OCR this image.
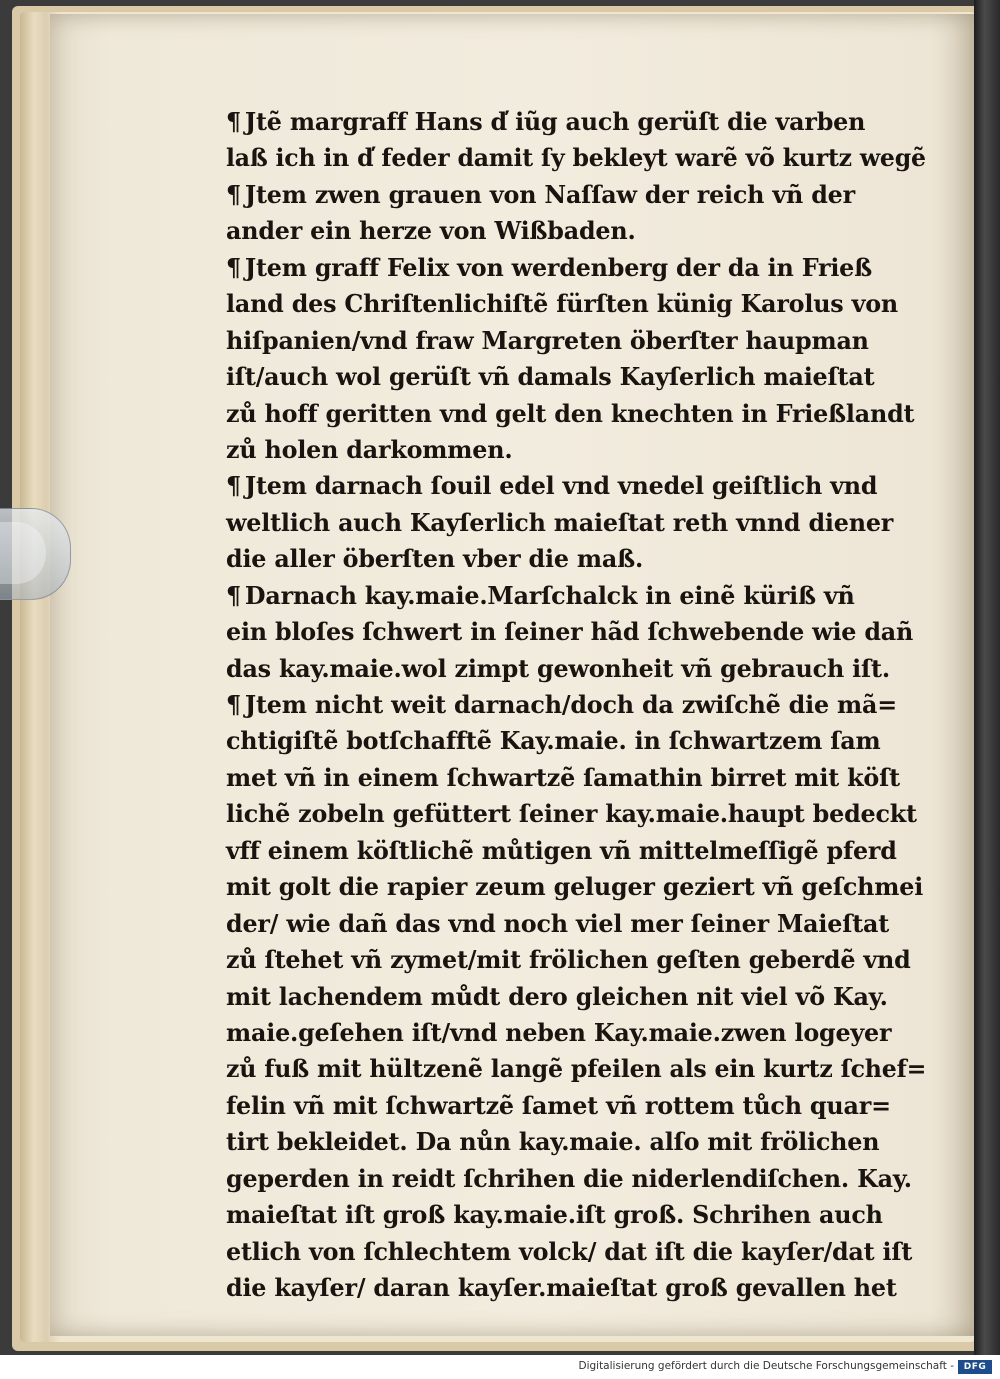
¶ Jtẽ margraff Hans d̕ iũg auch gerüſt die varben
laß ich in d̕ feder damit ſy bekleyt warẽ võ kurtz wegẽ
¶ Jtem zwen grauen von Naſſaw der reich vñ der
ander ein herze von Wißbaden.
¶ Jtem graff Felix von werdenberg der da in Frieß
land des Chriſtenlichiſtẽ fürſten künig Karolus von
hiſpanien/vnd fraw Margreten öberſter haupman
iſt/auch wol gerüſt vñ damals Kayſerlich maieſtat
zů hoff geritten vnd gelt den knechten in Frießlandt
zů holen darkommen.
¶ Jtem darnach ſouil edel vnd vnedel geiſtlich vnd
weltlich auch Kayſerlich maieſtat reth vnnd diener
die aller öberſten vber die maß.
¶ Darnach kay.maie.Marſchalck in einẽ küriß vñ
ein bloſes ſchwert in ſeiner hãd ſchwebende wie dañ
das kay.maie.wol zimpt gewonheit vñ gebrauch iſt.
¶ Jtem nicht weit darnach/doch da zwiſchẽ die mã=
chtigiſtẽ botſchafftẽ Kay.maie. in ſchwartzem ſam
met vñ in einem ſchwartzẽ ſamathin birret mit köſt
lichẽ zobeln gefüttert ſeiner kay.maie.haupt bedeckt
vff einem köſtlichẽ můtigen vñ mittelmeſſigẽ pferd
mit golt die rapier zeum geluger geziert vñ geſchmei
der/ wie dañ das vnd noch viel mer ſeiner Maieſtat
zů ſtehet vñ zymet/mit frölichen geſten geberdẽ vnd
mit lachendem můdt dero gleichen nit viel võ Kay.
maie.geſehen iſt/vnd neben Kay.maie.zwen logeyer
zů fuß mit hültzenẽ langẽ pfeilen als ein kurtz ſchef=
felin vñ mit ſchwartzẽ ſamet vñ rottem tůch quar=
tirt bekleidet. Da nůn kay.maie. alſo mit frölichen
geperden in reidt ſchrihen die niderlendiſchen. Kay.
maieſtat iſt groß kay.maie.iſt groß. Schrihen auch
etlich von ſchlechtem volck/ dat iſt die kayſer/dat iſt
die kayſer/ daran kayſer.maieſtat groß gevallen het
Digitalisierung gefördert durch die Deutsche Forschungsgemeinschaft -	DFG
